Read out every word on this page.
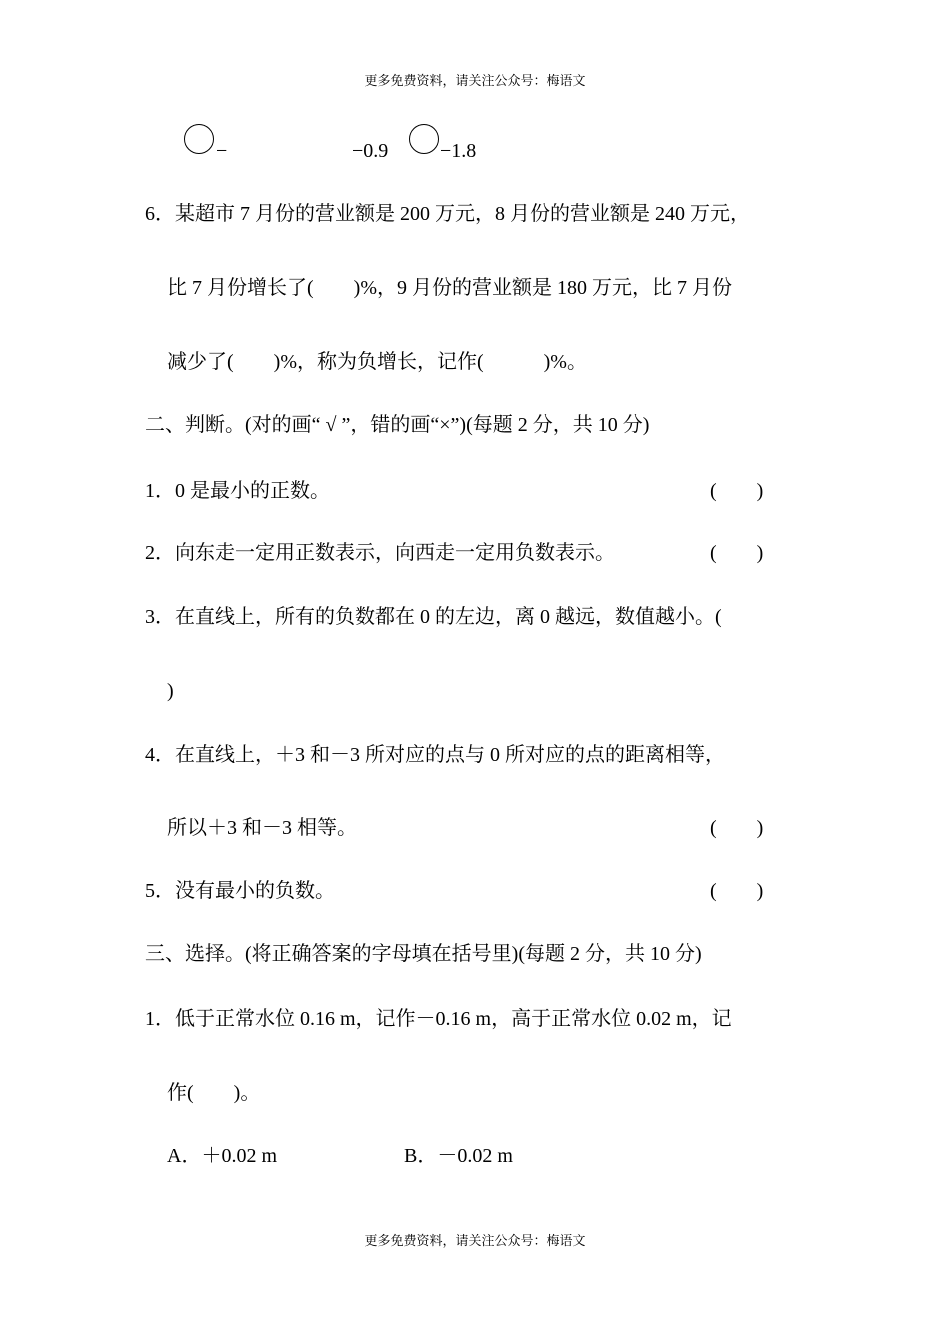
更多免费资料，请关注公众号：梅语文
−	−0.9	−1.8
6．某超市 7 月份的营业额是 200 万元，8 月份的营业额是 240 万元，
比 7 月份增长了(　　)%，9 月份的营业额是 180 万元，比 7 月份
减少了(　　)%，称为负增长，记作(　　　)%。
二、判断。(对的画“ √ ”，错的画“×”)(每题 2 分，共 10 分)
1．0 是最小的正数。	(　　)
2．向东走一定用正数表示，向西走一定用负数表示。	(　　)
3．在直线上，所有的负数都在 0 的左边，离 0 越远，数值越小。(
)
4．在直线上，＋3 和－3 所对应的点与 0 所对应的点的距离相等，
所以＋3 和－3 相等。	(　　)
5．没有最小的负数。	(　　)
三、选择。(将正确答案的字母填在括号里)(每题 2 分，共 10 分)
1．低于正常水位 0.16 m，记作－0.16 m，高于正常水位 0.02 m，记
作(　　)。
A．＋0.02 m	B．－0.02 m
更多免费资料，请关注公众号：梅语文
